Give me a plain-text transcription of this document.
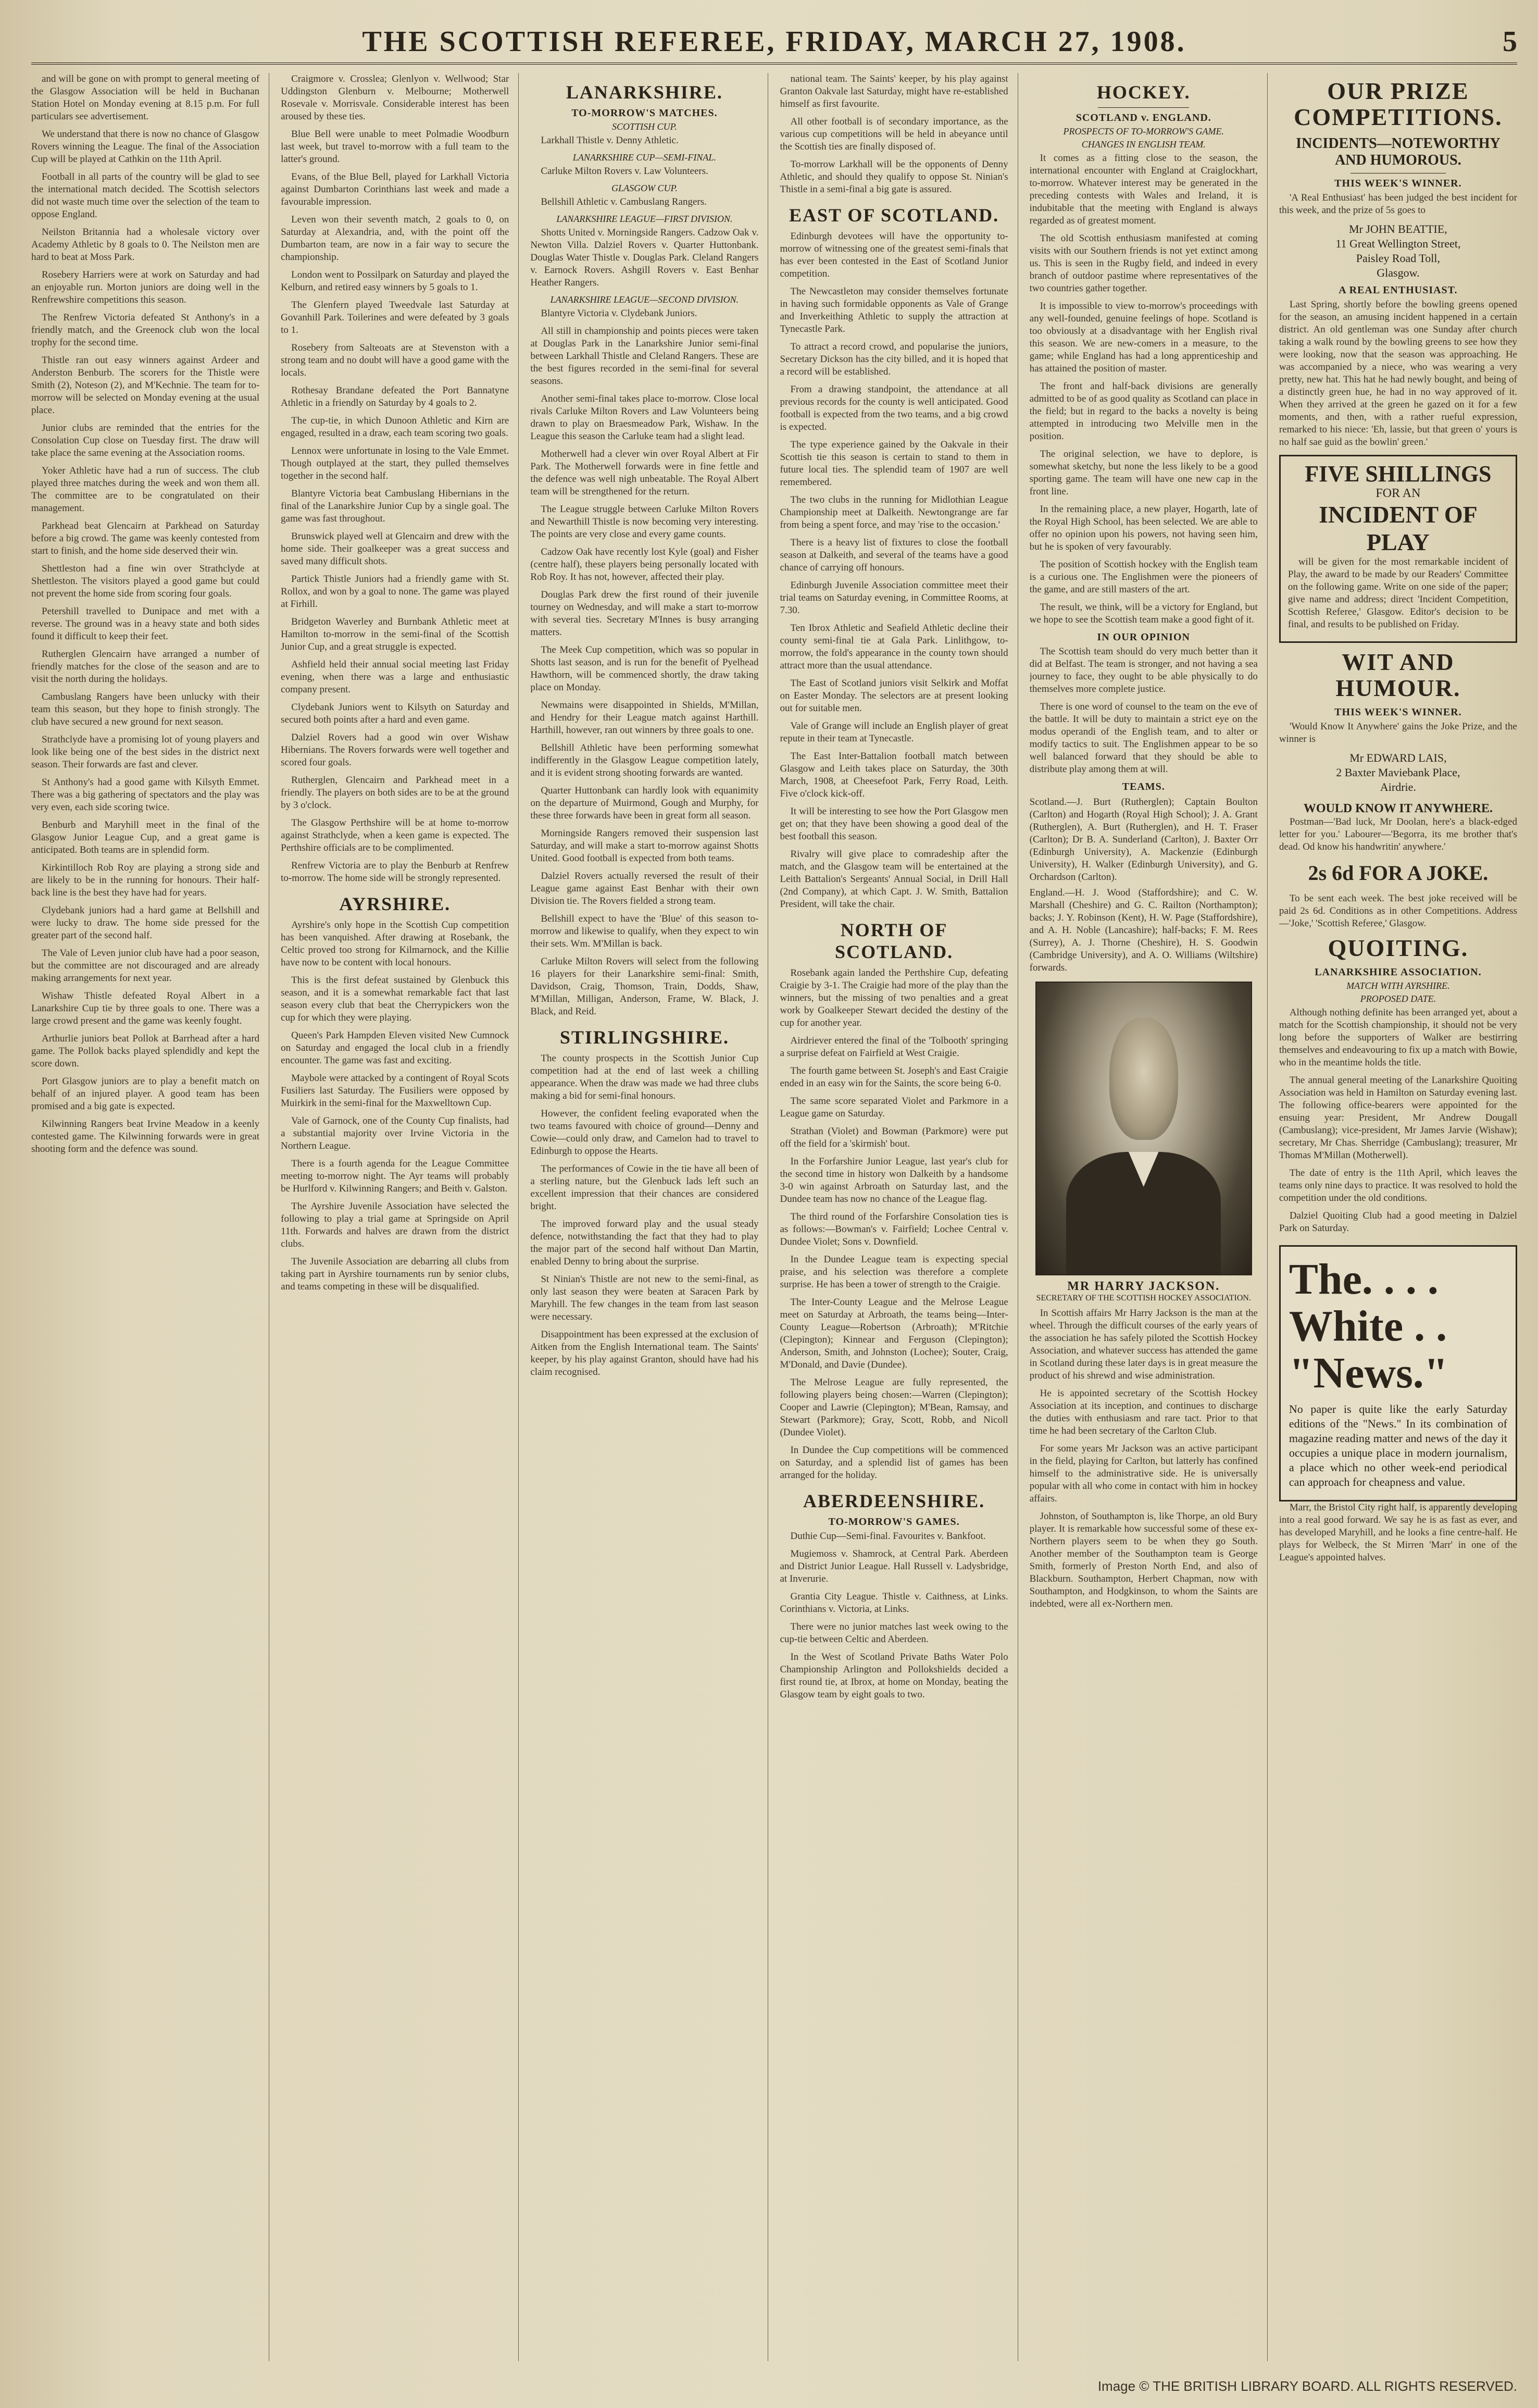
THE SCOTTISH REFEREE, FRIDAY, MARCH 27, 1908.	5

and will be gone on with prompt to general meeting of the Glasgow Association will be held in Buchanan Station Hotel on Monday evening at 8.15 p.m. For full particulars see advertisement.

We understand that there is now no chance of Glasgow Rovers winning the League. The final of the Association Cup will be played at Cathkin on the 11th April.

Football in all parts of the country will be glad to see the international match decided. The Scottish selectors did not waste much time over the selection of the team to oppose England.

Neilston Britannia had a wholesale victory over Academy Athletic by 8 goals to 0. The Neilston men are hard to beat at Moss Park.

Rosebery Harriers were at work on Saturday and had an enjoyable run. Morton juniors are doing well in the Renfrewshire competitions this season.

The Renfrew Victoria defeated St Anthony's in a friendly match, and the Greenock club won the local trophy for the second time.

Thistle ran out easy winners against Ardeer and Anderston Benburb. The scorers for the Thistle were Smith (2), Noteson (2), and M'Kechnie. The team for to-morrow will be selected on Monday evening at the usual place.

Junior clubs are reminded that the entries for the Consolation Cup close on Tuesday first. The draw will take place the same evening at the Association rooms.

Yoker Athletic have had a run of success. The club played three matches during the week and won them all. The committee are to be congratulated on their management.

Parkhead beat Glencairn at Parkhead on Saturday before a big crowd. The game was keenly contested from start to finish, and the home side deserved their win.

Shettleston had a fine win over Strathclyde at Shettleston. The visitors played a good game but could not prevent the home side from scoring four goals.

Petershill travelled to Dunipace and met with a reverse. The ground was in a heavy state and both sides found it difficult to keep their feet.

Rutherglen Glencairn have arranged a number of friendly matches for the close of the season and are to visit the north during the holidays.

Cambuslang Rangers have been unlucky with their team this season, but they hope to finish strongly. The club have secured a new ground for next season.

Strathclyde have a promising lot of young players and look like being one of the best sides in the district next season. Their forwards are fast and clever.

St Anthony's had a good game with Kilsyth Emmet. There was a big gathering of spectators and the play was very even, each side scoring twice.

Benburb and Maryhill meet in the final of the Glasgow Junior League Cup, and a great game is anticipated. Both teams are in splendid form.

Kirkintilloch Rob Roy are playing a strong side and are likely to be in the running for honours. Their half-back line is the best they have had for years.

Clydebank juniors had a hard game at Bellshill and were lucky to draw. The home side pressed for the greater part of the second half.

The Vale of Leven junior club have had a poor season, but the committee are not discouraged and are already making arrangements for next year.

Wishaw Thistle defeated Royal Albert in a Lanarkshire Cup tie by three goals to one. There was a large crowd present and the game was keenly fought.

Arthurlie juniors beat Pollok at Barrhead after a hard game. The Pollok backs played splendidly and kept the score down.

Port Glasgow juniors are to play a benefit match on behalf of an injured player. A good team has been promised and a big gate is expected.

Kilwinning Rangers beat Irvine Meadow in a keenly contested game. The Kilwinning forwards were in great shooting form and the defence was sound.

Craigmore v. Crosslea; Glenlyon v. Wellwood; Star Uddingston Glenburn v. Melbourne; Motherwell Rosevale v. Morrisvale. Considerable interest has been aroused by these ties.

Blue Bell were unable to meet Polmadie Woodburn last week, but travel to-morrow with a full team to the latter's ground.

Evans, of the Blue Bell, played for Larkhall Victoria against Dumbarton Corinthians last week and made a favourable impression.

Leven won their seventh match, 2 goals to 0, on Saturday at Alexandria, and, with the point off the Dumbarton team, are now in a fair way to secure the championship.

London went to Possilpark on Saturday and played the Kelburn, and retired easy winners by 5 goals to 1.

The Glenfern played Tweedvale last Saturday at Govanhill Park. Toilerines and were defeated by 3 goals to 1.

Rosebery from Salteoats are at Stevenston with a strong team and no doubt will have a good game with the locals.

Rothesay Brandane defeated the Port Bannatyne Athletic in a friendly on Saturday by 4 goals to 2.

The cup-tie, in which Dunoon Athletic and Kirn are engaged, resulted in a draw, each team scoring two goals.

Lennox were unfortunate in losing to the Vale Emmet. Though outplayed at the start, they pulled themselves together in the second half.

Blantyre Victoria beat Cambuslang Hibernians in the final of the Lanarkshire Junior Cup by a single goal. The game was fast throughout.

Brunswick played well at Glencairn and drew with the home side. Their goalkeeper was a great success and saved many difficult shots.

Partick Thistle Juniors had a friendly game with St. Rollox, and won by a goal to none. The game was played at Firhill.

Bridgeton Waverley and Burnbank Athletic meet at Hamilton to-morrow in the semi-final of the Scottish Junior Cup, and a great struggle is expected.

Ashfield held their annual social meeting last Friday evening, when there was a large and enthusiastic company present.

Clydebank Juniors went to Kilsyth on Saturday and secured both points after a hard and even game.

Dalziel Rovers had a good win over Wishaw Hibernians. The Rovers forwards were well together and scored four goals.

Rutherglen, Glencairn and Parkhead meet in a friendly. The players on both sides are to be at the ground by 3 o'clock.

The Glasgow Perthshire will be at home to-morrow against Strathclyde, when a keen game is expected. The Perthshire officials are to be complimented.

Renfrew Victoria are to play the Benburb at Renfrew to-morrow. The home side will be strongly represented.

AYRSHIRE.

Ayrshire's only hope in the Scottish Cup competition has been vanquished. After drawing at Rosebank, the Celtic proved too strong for Kilmarnock, and the Killie have now to be content with local honours.

This is the first defeat sustained by Glenbuck this season, and it is a somewhat remarkable fact that last season every club that beat the Cherrypickers won the cup for which they were playing.

Queen's Park Hampden Eleven visited New Cumnock on Saturday and engaged the local club in a friendly encounter. The game was fast and exciting.

Maybole were attacked by a contingent of Royal Scots Fusiliers last Saturday. The Fusiliers were opposed by Muirkirk in the semi-final for the Maxwelltown Cup.

Vale of Garnock, one of the County Cup finalists, had a substantial majority over Irvine Victoria in the Northern League.

There is a fourth agenda for the League Committee meeting to-morrow night. The Ayr teams will probably be Hurlford v. Kilwinning Rangers; and Beith v. Galston.

The Ayrshire Juvenile Association have selected the following to play a trial game at Springside on April 11th. Forwards and halves are drawn from the district clubs.

The Juvenile Association are debarring all clubs from taking part in Ayrshire tournaments run by senior clubs, and teams competing in these will be disqualified.

LANARKSHIRE.
TO-MORROW'S MATCHES.
SCOTTISH CUP.

Larkhall Thistle v. Denny Athletic.

LANARKSHIRE CUP—SEMI-FINAL.

Carluke Milton Rovers v. Law Volunteers.

GLASGOW CUP.

Bellshill Athletic v. Cambuslang Rangers.

LANARKSHIRE LEAGUE—FIRST DIVISION.

Shotts United v. Morningside Rangers. Cadzow Oak v. Newton Villa. Dalziel Rovers v. Quarter Huttonbank. Douglas Water Thistle v. Douglas Park. Cleland Rangers v. Earnock Rovers. Ashgill Rovers v. East Benhar Heather Rangers.

LANARKSHIRE LEAGUE—SECOND DIVISION.

Blantyre Victoria v. Clydebank Juniors.

All still in championship and points pieces were taken at Douglas Park in the Lanarkshire Junior semi-final between Larkhall Thistle and Cleland Rangers. These are the best figures recorded in the semi-final for several seasons.

Another semi-final takes place to-morrow. Close local rivals Carluke Milton Rovers and Law Volunteers being drawn to play on Braesmeadow Park, Wishaw. In the League this season the Carluke team had a slight lead.

Motherwell had a clever win over Royal Albert at Fir Park. The Motherwell forwards were in fine fettle and the defence was well nigh unbeatable. The Royal Albert team will be strengthened for the return.

The League struggle between Carluke Milton Rovers and Newarthill Thistle is now becoming very interesting. The points are very close and every game counts.

Cadzow Oak have recently lost Kyle (goal) and Fisher (centre half), these players being personally located with Rob Roy. It has not, however, affected their play.

Douglas Park drew the first round of their juvenile tourney on Wednesday, and will make a start to-morrow with several ties. Secretary M'Innes is busy arranging matters.

The Meek Cup competition, which was so popular in Shotts last season, and is run for the benefit of Pyelhead Hawthorn, will be commenced shortly, the draw taking place on Monday.

Newmains were disappointed in Shields, M'Millan, and Hendry for their League match against Harthill. Harthill, however, ran out winners by three goals to one.

Bellshill Athletic have been performing somewhat indifferently in the Glasgow League competition lately, and it is evident strong shooting forwards are wanted.

Quarter Huttonbank can hardly look with equanimity on the departure of Muirmond, Gough and Murphy, for these three forwards have been in great form all season.

Morningside Rangers removed their suspension last Saturday, and will make a start to-morrow against Shotts United. Good football is expected from both teams.

Dalziel Rovers actually reversed the result of their League game against East Benhar with their own Division tie. The Rovers fielded a strong team.

Bellshill expect to have the 'Blue' of this season to-morrow and likewise to qualify, when they expect to win their sets. Wm. M'Millan is back.

Carluke Milton Rovers will select from the following 16 players for their Lanarkshire semi-final: Smith, Davidson, Craig, Thomson, Train, Dodds, Shaw, M'Millan, Milligan, Anderson, Frame, W. Black, J. Black, and Reid.

STIRLINGSHIRE.

The county prospects in the Scottish Junior Cup competition had at the end of last week a chilling appearance. When the draw was made we had three clubs making a bid for semi-final honours.

However, the confident feeling evaporated when the two teams favoured with choice of ground—Denny and Cowie—could only draw, and Camelon had to travel to Edinburgh to oppose the Hearts.

The performances of Cowie in the tie have all been of a sterling nature, but the Glenbuck lads left such an excellent impression that their chances are considered bright.

The improved forward play and the usual steady defence, notwithstanding the fact that they had to play the major part of the second half without Dan Martin, enabled Denny to bring about the surprise.

St Ninian's Thistle are not new to the semi-final, as only last season they were beaten at Saracen Park by Maryhill. The few changes in the team from last season were necessary.

Disappointment has been expressed at the exclusion of Aitken from the English International team. The Saints' keeper, by his play against Granton, should have had his claim recognised.

national team. The Saints' keeper, by his play against Granton Oakvale last Saturday, might have re-established himself as first favourite.

All other football is of secondary importance, as the various cup competitions will be held in abeyance until the Scottish ties are finally disposed of.

To-morrow Larkhall will be the opponents of Denny Athletic, and should they qualify to oppose St. Ninian's Thistle in a semi-final a big gate is assured.

EAST OF SCOTLAND.

Edinburgh devotees will have the opportunity to-morrow of witnessing one of the greatest semi-finals that has ever been contested in the East of Scotland Junior competition.

The Newcastleton may consider themselves fortunate in having such formidable opponents as Vale of Grange and Inverkeithing Athletic to supply the attraction at Tynecastle Park.

To attract a record crowd, and popularise the juniors, Secretary Dickson has the city billed, and it is hoped that a record will be established.

From a drawing standpoint, the attendance at all previous records for the county is well anticipated. Good football is expected from the two teams, and a big crowd is expected.

The type experience gained by the Oakvale in their Scottish tie this season is certain to stand to them in future local ties. The splendid team of 1907 are well remembered.

The two clubs in the running for Midlothian League Championship meet at Dalkeith. Newtongrange are far from being a spent force, and may 'rise to the occasion.'

There is a heavy list of fixtures to close the football season at Dalkeith, and several of the teams have a good chance of carrying off honours.

Edinburgh Juvenile Association committee meet their trial teams on Saturday evening, in Committee Rooms, at 7.30.

Ten Ibrox Athletic and Seafield Athletic decline their county semi-final tie at Gala Park. Linlithgow, to-morrow, the fold's appearance in the county town should attract more than the usual attendance.

The East of Scotland juniors visit Selkirk and Moffat on Easter Monday. The selectors are at present looking out for suitable men.

Vale of Grange will include an English player of great repute in their team at Tynecastle.

The East Inter-Battalion football match between Glasgow and Leith takes place on Saturday, the 30th March, 1908, at Cheesefoot Park, Ferry Road, Leith. Five o'clock kick-off.

It will be interesting to see how the Port Glasgow men get on; that they have been showing a good deal of the best football this season.

Rivalry will give place to comradeship after the match, and the Glasgow team will be entertained at the Leith Battalion's Sergeants' Annual Social, in Drill Hall (2nd Company), at which Capt. J. W. Smith, Battalion President, will take the chair.

NORTH OF SCOTLAND.

Rosebank again landed the Perthshire Cup, defeating Craigie by 3-1. The Craigie had more of the play than the winners, but the missing of two penalties and a great work by Goalkeeper Stewart decided the destiny of the cup for another year.

Airdriever entered the final of the 'Tolbooth' springing a surprise defeat on Fairfield at West Craigie.

The fourth game between St. Joseph's and East Craigie ended in an easy win for the Saints, the score being 6-0.

The same score separated Violet and Parkmore in a League game on Saturday.

Strathan (Violet) and Bowman (Parkmore) were put off the field for a 'skirmish' bout.

In the Forfarshire Junior League, last year's club for the second time in history won Dalkeith by a handsome 3-0 win against Arbroath on Saturday last, and the Dundee team has now no chance of the League flag.

The third round of the Forfarshire Consolation ties is as follows:—Bowman's v. Fairfield; Lochee Central v. Dundee Violet; Sons v. Downfield.

In the Dundee League team is expecting special praise, and his selection was therefore a complete surprise. He has been a tower of strength to the Craigie.

The Inter-County League and the Melrose League meet on Saturday at Arbroath, the teams being—Inter-County League—Robertson (Arbroath); M'Ritchie (Clepington); Kinnear and Ferguson (Clepington); Anderson, Smith, and Johnston (Lochee); Souter, Craig, M'Donald, and Davie (Dundee).

The Melrose League are fully represented, the following players being chosen:—Warren (Clepington); Cooper and Lawrie (Clepington); M'Bean, Ramsay, and Stewart (Parkmore); Gray, Scott, Robb, and Nicoll (Dundee Violet).

In Dundee the Cup competitions will be commenced on Saturday, and a splendid list of games has been arranged for the holiday.

ABERDEENSHIRE.
TO-MORROW'S GAMES.

Duthie Cup—Semi-final. Favourites v. Bankfoot.

Mugiemoss v. Shamrock, at Central Park. Aberdeen and District Junior League. Hall Russell v. Ladysbridge, at Inverurie.

Grantia City League. Thistle v. Caithness, at Links. Corinthians v. Victoria, at Links.

There were no junior matches last week owing to the cup-tie between Celtic and Aberdeen.

In the West of Scotland Private Baths Water Polo Championship Arlington and Pollokshields decided a first round tie, at Ibrox, at home on Monday, beating the Glasgow team by eight goals to two.

HOCKEY.
SCOTLAND v. ENGLAND.
PROSPECTS OF TO-MORROW'S GAME.
CHANGES IN ENGLISH TEAM.

It comes as a fitting close to the season, the international encounter with England at Craiglockhart, to-morrow. Whatever interest may be generated in the preceding contests with Wales and Ireland, it is indubitable that the meeting with England is always regarded as of greatest moment.

The old Scottish enthusiasm manifested at coming visits with our Southern friends is not yet extinct among us. This is seen in the Rugby field, and indeed in every branch of outdoor pastime where representatives of the two countries gather together.

It is impossible to view to-morrow's proceedings with any well-founded, genuine feelings of hope. Scotland is too obviously at a disadvantage with her English rival this season. We are new-comers in a measure, to the game; while England has had a long apprenticeship and has attained the position of master.

The front and half-back divisions are generally admitted to be of as good quality as Scotland can place in the field; but in regard to the backs a novelty is being attempted in introducing two Melville men in the position.

The original selection, we have to deplore, is somewhat sketchy, but none the less likely to be a good sporting game. The team will have one new cap in the front line.

In the remaining place, a new player, Hogarth, late of the Royal High School, has been selected. We are able to offer no opinion upon his powers, not having seen him, but he is spoken of very favourably.

The position of Scottish hockey with the English team is a curious one. The Englishmen were the pioneers of the game, and are still masters of the art.

The result, we think, will be a victory for England, but we hope to see the Scottish team make a good fight of it.

IN OUR OPINION

The Scottish team should do very much better than it did at Belfast. The team is stronger, and not having a sea journey to face, they ought to be able physically to do themselves more complete justice.

There is one word of counsel to the team on the eve of the battle. It will be duty to maintain a strict eye on the modus operandi of the English team, and to alter or modify tactics to suit. The Englishmen appear to be so well balanced forward that they should be able to distribute play among them at will.

TEAMS.

Scotland.—J. Burt (Rutherglen); Captain Boulton (Carlton) and Hogarth (Royal High School); J. A. Grant (Rutherglen), A. Burt (Rutherglen), and H. T. Fraser (Carlton); Dr B. A. Sunderland (Carlton), J. Baxter Orr (Edinburgh University), A. Mackenzie (Edinburgh University), H. Walker (Edinburgh University), and G. Orchardson (Carlton).

England.—H. J. Wood (Staffordshire); and C. W. Marshall (Cheshire) and G. C. Railton (Northampton); backs; J. Y. Robinson (Kent), H. W. Page (Staffordshire), and A. H. Noble (Lancashire); half-backs; F. M. Rees (Surrey), A. J. Thorne (Cheshire), H. S. Goodwin (Cambridge University), and A. O. Williams (Wiltshire) forwards.

MR HARRY JACKSON.
SECRETARY OF THE SCOTTISH HOCKEY ASSOCIATION.

In Scottish affairs Mr Harry Jackson is the man at the wheel. Through the difficult courses of the early years of the association he has safely piloted the Scottish Hockey Association, and whatever success has attended the game in Scotland during these later days is in great measure the product of his shrewd and wise administration.

He is appointed secretary of the Scottish Hockey Association at its inception, and continues to discharge the duties with enthusiasm and rare tact. Prior to that time he had been secretary of the Carlton Club.

For some years Mr Jackson was an active participant in the field, playing for Carlton, but latterly has confined himself to the administrative side. He is universally popular with all who come in contact with him in hockey affairs.

Johnston, of Southampton is, like Thorpe, an old Bury player. It is remarkable how successful some of these ex-Northern players seem to be when they go South. Another member of the Southampton team is George Smith, formerly of Preston North End, and also of Blackburn. Southampton, Herbert Chapman, now with Southampton, and Hodgkinson, to whom the Saints are indebted, were all ex-Northern men.

OUR PRIZE COMPETITIONS.
INCIDENTS—NOTEWORTHY AND HUMOROUS.
THIS WEEK'S WINNER.

'A Real Enthusiast' has been judged the best incident for this week, and the prize of 5s goes to

Mr JOHN BEATTIE,
11 Great Wellington Street,
Paisley Road Toll,
Glasgow.
A REAL ENTHUSIAST.

Last Spring, shortly before the bowling greens opened for the season, an amusing incident happened in a certain district. An old gentleman was one Sunday after church taking a walk round by the bowling greens to see how they were looking, now that the season was approaching. He was accompanied by a niece, who was wearing a very pretty, new hat. This hat he had newly bought, and being of a distinctly green hue, he had in no way approved of it. When they arrived at the green he gazed on it for a few moments, and then, with a rather rueful expression, remarked to his niece: 'Eh, lassie, but that green o' yours is no half sae guid as the bowlin' green.'

FIVE SHILLINGS
FOR AN
INCIDENT OF PLAY

will be given for the most remarkable incident of Play, the award to be made by our Readers' Committee on the following game. Write on one side of the paper; give name and address; direct 'Incident Competition, Scottish Referee,' Glasgow. Editor's decision to be final, and results to be published on Friday.

WIT AND HUMOUR.
THIS WEEK'S WINNER.

'Would Know It Anywhere' gains the Joke Prize, and the winner is

Mr EDWARD LAIS,
2 Baxter Maviebank Place,
Airdrie.
WOULD KNOW IT ANYWHERE.

Postman—'Bad luck, Mr Doolan, here's a black-edged letter for you.' Labourer—'Begorra, its me brother that's dead. Od know his handwritin' anywhere.'

2s 6d FOR A JOKE.

To be sent each week. The best joke received will be paid 2s 6d. Conditions as in other Competitions. Address—'Joke,' 'Scottish Referee,' Glasgow.

QUOITING.
LANARKSHIRE ASSOCIATION.
MATCH WITH AYRSHIRE.
PROPOSED DATE.

Although nothing definite has been arranged yet, about a match for the Scottish championship, it should not be very long before the supporters of Walker are bestirring themselves and endeavouring to fix up a match with Bowie, who in the meantime holds the title.

The annual general meeting of the Lanarkshire Quoiting Association was held in Hamilton on Saturday evening last. The following office-bearers were appointed for the ensuing year: President, Mr Andrew Dougall (Cambuslang); vice-president, Mr James Jarvie (Wishaw); secretary, Mr Chas. Sherridge (Cambuslang); treasurer, Mr Thomas M'Millan (Motherwell).

The date of entry is the 11th April, which leaves the teams only nine days to practice. It was resolved to hold the competition under the old conditions.

Dalziel Quoiting Club had a good meeting in Dalziel Park on Saturday.

The. . . . White . . "News."
No paper is quite like the early Saturday editions of the "News." In its combination of magazine reading matter and news of the day it occupies a unique place in modern journalism, a place which no other week-end periodical can approach for cheapness and value.

Marr, the Bristol City right half, is apparently developing into a real good forward. We say he is as fast as ever, and has developed Maryhill, and he looks a fine centre-half. He plays for Welbeck, the St Mirren 'Marr' in one of the League's appointed halves.

Image © THE BRITISH LIBRARY BOARD. ALL RIGHTS RESERVED.
